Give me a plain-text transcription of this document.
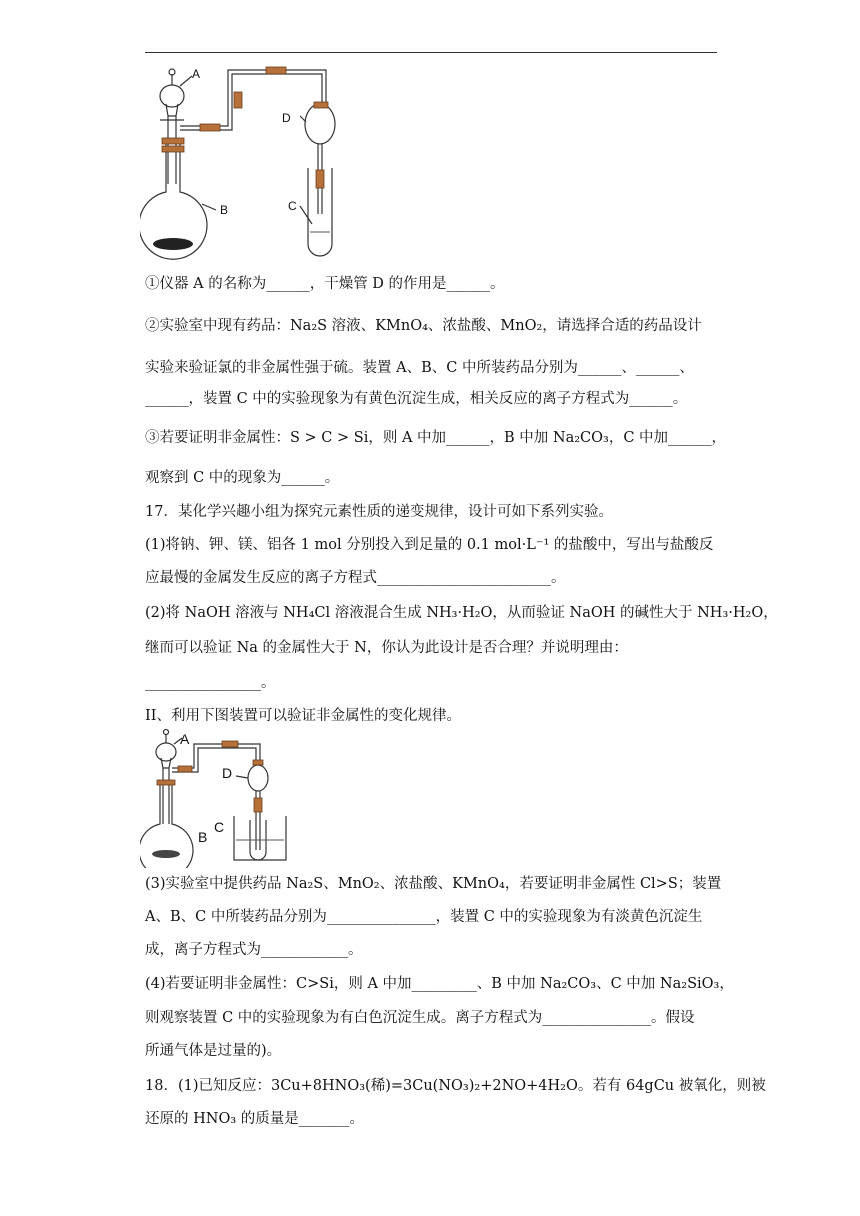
A
B
D
C
①仪器 A 的名称为______，干燥管 D 的作用是______。
②实验室中现有药品：Na₂S 溶液、KMnO₄、浓盐酸、MnO₂，请选择合适的药品设计
实验来验证氯的非金属性强于硫。装置 A、B、C 中所装药品分别为______、______、
______，装置 C 中的实验现象为有黄色沉淀生成，相关反应的离子方程式为______。
③若要证明非金属性：S > C > Si，则 A 中加______，B 中加 Na₂CO₃，C 中加______，
观察到 C 中的现象为______。
17．某化学兴趣小组为探究元素性质的递变规律，设计可如下系列实验。
(1)将钠、钾、镁、铝各 1 mol 分别投入到足量的 0.1 mol·L⁻¹ 的盐酸中，写出与盐酸反
应最慢的金属发生反应的离子方程式________________________。
(2)将 NaOH 溶液与 NH₄Cl 溶液混合生成 NH₃·H₂O，从而验证 NaOH 的碱性大于 NH₃·H₂O，
继而可以验证 Na 的金属性大于 N，你认为此设计是否合理？并说明理由：
________________。
II、利用下图装置可以验证非金属性的变化规律。
A
B
D
C
(3)实验室中提供药品 Na₂S、MnO₂、浓盐酸、KMnO₄，若要证明非金属性 Cl>S；装置
A、B、C 中所装药品分别为_______________，装置 C 中的实验现象为有淡黄色沉淀生
成，离子方程式为____________。
(4)若要证明非金属性：C>Si，则 A 中加_________、B 中加 Na₂CO₃、C 中加 Na₂SiO₃，
则观察装置 C 中的实验现象为有白色沉淀生成。离子方程式为_______________。假设
所通气体是过量的)。
18．(1)已知反应：3Cu+8HNO₃(稀)=3Cu(NO₃)₂+2NO+4H₂O。若有 64gCu 被氧化，则被
还原的 HNO₃ 的质量是_______。
